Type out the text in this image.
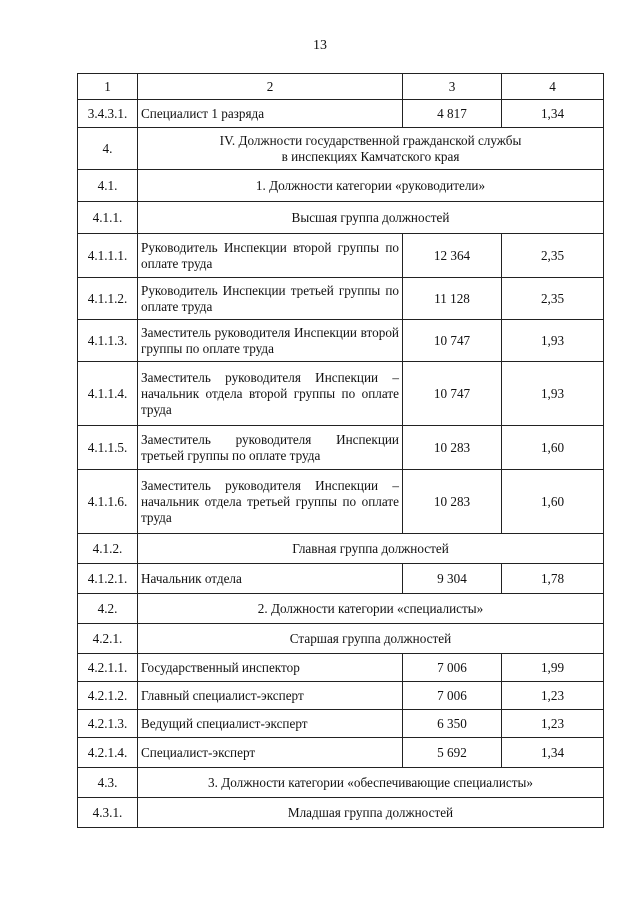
13
1	2	3	4
3.4.3.1.	Специалист 1 разряда	4 817	1,34
4.	IV. Должности государственной гражданской службы
в инспекциях Камчатского края		
4.1.	1. Должности категории «руководители»		
4.1.1.	Высшая группа должностей		
4.1.1.1.	Руководитель Инспекции второй группы по оплате труда	12 364	2,35
4.1.1.2.	Руководитель Инспекции третьей группы по оплате труда	11 128	2,35
4.1.1.3.	Заместитель руководителя Инспекции второй группы по оплате труда	10 747	1,93
4.1.1.4.	Заместитель руководителя Инспекции – начальник отдела второй группы по оплате труда	10 747	1,93
4.1.1.5.	Заместитель руководителя Инспекции третьей группы по оплате труда	10 283	1,60
4.1.1.6.	Заместитель руководителя Инспекции – начальник отдела третьей группы по оплате труда	10 283	1,60
4.1.2.	Главная группа должностей		
4.1.2.1.	Начальник отдела	9 304	1,78
4.2.	2. Должности категории «специалисты»		
4.2.1.	Старшая группа должностей		
4.2.1.1.	Государственный инспектор	7 006	1,99
4.2.1.2.	Главный специалист-эксперт	7 006	1,23
4.2.1.3.	Ведущий специалист-эксперт	6 350	1,23
4.2.1.4.	Специалист-эксперт	5 692	1,34
4.3.	3. Должности категории «обеспечивающие специалисты»		
4.3.1.	Младшая группа должностей		
